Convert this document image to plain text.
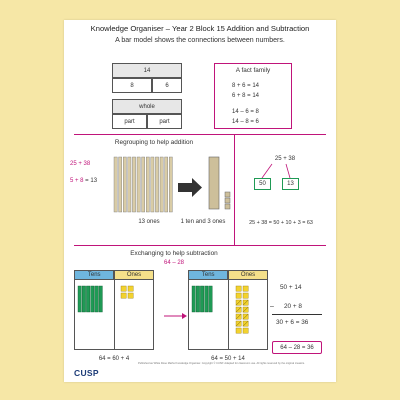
Knowledge Organiser – Year 2 Block 15 Addition and Subtraction
A bar model shows the connections between numbers.
14
8	6
whole
part	part
A fact family
8 + 6 = 14
6 + 8 = 14
14 – 6 = 8
14 – 8 = 6
Regrouping to help addition
25 + 38
5 + 8 = 13
13 ones	1 ten and 3 ones
25 + 38
50	13
25 + 38 = 50 + 10 + 3 = 63
Exchanging to help subtraction
64 – 28
Tens	Ones	Tens	Ones
64 = 60 + 4	64 = 50 + 14
50 + 14
– 20 + 8
30 + 6 = 36
64 – 28 = 36
CUSP
Published as White Rose Maths Knowledge Organiser. Copyright © CUSP. Adapted for classroom use. All rights reserved by the original creators.
